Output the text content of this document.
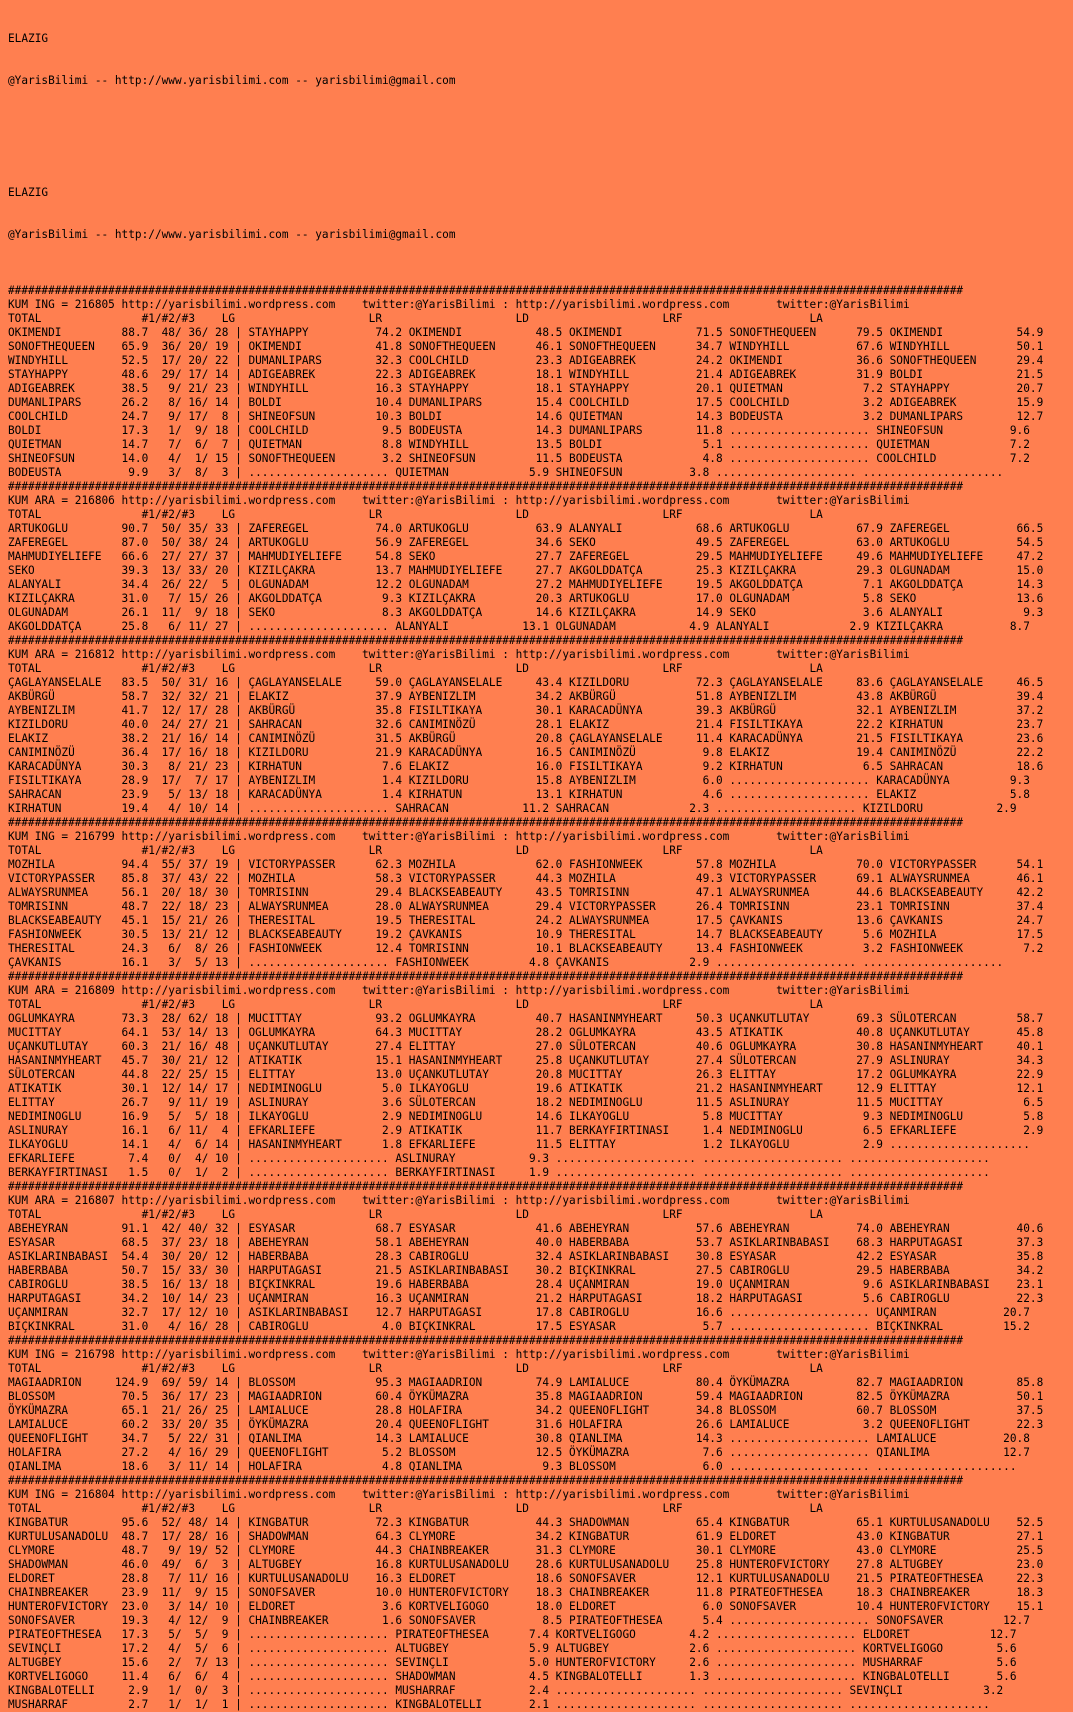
ELAZIG

@YarisBilimi -- http://www.yarisbilimi.com -- yarisbilimi@gmail.com

ELAZIG

@YarisBilimi -- http://www.yarisbilimi.com -- yarisbilimi@gmail.com

###############################################################################################################################################
KUM ING = 216805 http://yarisbilimi.wordpress.com    twitter:@YarisBilimi : http://yarisbilimi.wordpress.com       twitter:@YarisBilimi
TOTAL               #1/#2/#3    LG                    LR                    LD                    LRF                   LA
OKIMENDI         88.7  48/ 36/ 28 | STAYHAPPY          74.2 OKIMENDI           48.5 OKIMENDI           71.5 SONOFTHEQUEEN      79.5 OKIMENDI           54.9
SONOFTHEQUEEN    65.9  36/ 20/ 19 | OKIMENDI           41.8 SONOFTHEQUEEN      46.1 SONOFTHEQUEEN      34.7 WINDYHILL          67.6 WINDYHILL          50.1
WINDYHILL        52.5  17/ 20/ 22 | DUMANLIPARS        32.3 COOLCHILD          23.3 ADIGEABREK         24.2 OKIMENDI           36.6 SONOFTHEQUEEN      29.4
STAYHAPPY        48.6  29/ 17/ 14 | ADIGEABREK         22.3 ADIGEABREK         18.1 WINDYHILL          21.4 ADIGEABREK         31.9 BOLDI              21.5
ADIGEABREK       38.5   9/ 21/ 23 | WINDYHILL          16.3 STAYHAPPY          18.1 STAYHAPPY          20.1 QUIETMAN            7.2 STAYHAPPY          20.7
DUMANLIPARS      26.2   8/ 16/ 14 | BOLDI              10.4 DUMANLIPARS        15.4 COOLCHILD          17.5 COOLCHILD           3.2 ADIGEABREK         15.9
COOLCHILD        24.7   9/ 17/  8 | SHINEOFSUN         10.3 BOLDI              14.6 QUIETMAN           14.3 BODEUSTA            3.2 DUMANLIPARS        12.7
BOLDI            17.3   1/  9/ 18 | COOLCHILD           9.5 BODEUSTA           14.3 DUMANLIPARS        11.8 ..................... SHINEOFSUN          9.6
QUIETMAN         14.7   7/  6/  7 | QUIETMAN            8.8 WINDYHILL          13.5 BOLDI               5.1 ..................... QUIETMAN            7.2
SHINEOFSUN       14.0   4/  1/ 15 | SONOFTHEQUEEN       3.2 SHINEOFSUN         11.5 BODEUSTA            4.8 ..................... COOLCHILD           7.2
BODEUSTA          9.9   3/  8/  3 | ..................... QUIETMAN            5.9 SHINEOFSUN          3.8 ..................... .....................
###############################################################################################################################################
KUM ARA = 216806 http://yarisbilimi.wordpress.com    twitter:@YarisBilimi : http://yarisbilimi.wordpress.com       twitter:@YarisBilimi
TOTAL               #1/#2/#3    LG                    LR                    LD                    LRF                   LA
ARTUKOGLU        90.7  50/ 35/ 33 | ZAFEREGEL          74.0 ARTUKOGLU          63.9 ALANYALI           68.6 ARTUKOGLU          67.9 ZAFEREGEL          66.5
ZAFEREGEL        87.0  50/ 38/ 24 | ARTUKOGLU          56.9 ZAFEREGEL          34.6 SEKO               49.5 ZAFEREGEL          63.0 ARTUKOGLU          54.5
MAHMUDIYELIEFE   66.6  27/ 27/ 37 | MAHMUDIYELIEFE     54.8 SEKO               27.7 ZAFEREGEL          29.5 MAHMUDIYELIEFE     49.6 MAHMUDIYELIEFE     47.2
SEKO             39.3  13/ 33/ 20 | KIZILÇAKRA         13.7 MAHMUDIYELIEFE     27.7 AKGOLDDATÇA        25.3 KIZILÇAKRA         29.3 OLGUNADAM          15.0
ALANYALI         34.4  26/ 22/  5 | OLGUNADAM          12.2 OLGUNADAM          27.2 MAHMUDIYELIEFE     19.5 AKGOLDDATÇA         7.1 AKGOLDDATÇA        14.3
KIZILÇAKRA       31.0   7/ 15/ 26 | AKGOLDDATÇA         9.3 KIZILÇAKRA         20.3 ARTUKOGLU          17.0 OLGUNADAM           5.8 SEKO               13.6
OLGUNADAM        26.1  11/  9/ 18 | SEKO                8.3 AKGOLDDATÇA        14.6 KIZILÇAKRA         14.9 SEKO                3.6 ALANYALI            9.3
AKGOLDDATÇA      25.8   6/ 11/ 27 | ..................... ALANYALI           13.1 OLGUNADAM           4.9 ALANYALI            2.9 KIZILÇAKRA          8.7
###############################################################################################################################################
KUM ARA = 216812 http://yarisbilimi.wordpress.com    twitter:@YarisBilimi : http://yarisbilimi.wordpress.com       twitter:@YarisBilimi
TOTAL               #1/#2/#3    LG                    LR                    LD                    LRF                   LA
ÇAGLAYANSELALE   83.5  50/ 31/ 16 | ÇAGLAYANSELALE     59.0 ÇAGLAYANSELALE     43.4 KIZILDORU          72.3 ÇAGLAYANSELALE     83.6 ÇAGLAYANSELALE     46.5
AKBÜRGÜ          58.7  32/ 32/ 21 | ELAKIZ             37.9 AYBENIZLIM         34.2 AKBÜRGÜ            51.8 AYBENIZLIM         43.8 AKBÜRGÜ            39.4
AYBENIZLIM       41.7  12/ 17/ 28 | AKBÜRGÜ            35.8 FISILTIKAYA        30.1 KARACADÜNYA        39.3 AKBÜRGÜ            32.1 AYBENIZLIM         37.2
KIZILDORU        40.0  24/ 27/ 21 | SAHRACAN           32.6 CANIMINÖZÜ         28.1 ELAKIZ             21.4 FISILTIKAYA        22.2 KIRHATUN           23.7
ELAKIZ           38.2  21/ 16/ 14 | CANIMINÖZÜ         31.5 AKBÜRGÜ            20.8 ÇAGLAYANSELALE     11.4 KARACADÜNYA        21.5 FISILTIKAYA        23.6
CANIMINÖZÜ       36.4  17/ 16/ 18 | KIZILDORU          21.9 KARACADÜNYA        16.5 CANIMINÖZÜ          9.8 ELAKIZ             19.4 CANIMINÖZÜ         22.2
KARACADÜNYA      30.3   8/ 21/ 23 | KIRHATUN            7.6 ELAKIZ             16.0 FISILTIKAYA         9.2 KIRHATUN            6.5 SAHRACAN           18.6
FISILTIKAYA      28.9  17/  7/ 17 | AYBENIZLIM          1.4 KIZILDORU          15.8 AYBENIZLIM          6.0 ..................... KARACADÜNYA         9.3
SAHRACAN         23.9   5/ 13/ 18 | KARACADÜNYA         1.4 KIRHATUN           13.1 KIRHATUN            4.6 ..................... ELAKIZ              5.8
KIRHATUN         19.4   4/ 10/ 14 | ..................... SAHRACAN           11.2 SAHRACAN            2.3 ..................... KIZILDORU           2.9
###############################################################################################################################################
KUM ING = 216799 http://yarisbilimi.wordpress.com    twitter:@YarisBilimi : http://yarisbilimi.wordpress.com       twitter:@YarisBilimi
TOTAL               #1/#2/#3    LG                    LR                    LD                    LRF                   LA
MOZHILA          94.4  55/ 37/ 19 | VICTORYPASSER      62.3 MOZHILA            62.0 FASHIONWEEK        57.8 MOZHILA            70.0 VICTORYPASSER      54.1
VICTORYPASSER    85.8  37/ 43/ 22 | MOZHILA            58.3 VICTORYPASSER      44.3 MOZHILA            49.3 VICTORYPASSER      69.1 ALWAYSRUNMEA       46.1
ALWAYSRUNMEA     56.1  20/ 18/ 30 | TOMRISINN          29.4 BLACKSEABEAUTY     43.5 TOMRISINN          47.1 ALWAYSRUNMEA       44.6 BLACKSEABEAUTY     42.2
TOMRISINN        48.7  22/ 18/ 23 | ALWAYSRUNMEA       28.0 ALWAYSRUNMEA       29.4 VICTORYPASSER      26.4 TOMRISINN          23.1 TOMRISINN          37.4
BLACKSEABEAUTY   45.1  15/ 21/ 26 | THERESITAL         19.5 THERESITAL         24.2 ALWAYSRUNMEA       17.5 ÇAVKANIS           13.6 ÇAVKANIS           24.7
FASHIONWEEK      30.5  13/ 21/ 12 | BLACKSEABEAUTY     19.2 ÇAVKANIS           10.9 THERESITAL         14.7 BLACKSEABEAUTY      5.6 MOZHILA            17.5
THERESITAL       24.3   6/  8/ 26 | FASHIONWEEK        12.4 TOMRISINN          10.1 BLACKSEABEAUTY     13.4 FASHIONWEEK         3.2 FASHIONWEEK         7.2
ÇAVKANIS         16.1   3/  5/ 13 | ..................... FASHIONWEEK         4.8 ÇAVKANIS            2.9 ..................... .....................
###############################################################################################################################################
KUM ARA = 216809 http://yarisbilimi.wordpress.com    twitter:@YarisBilimi : http://yarisbilimi.wordpress.com       twitter:@YarisBilimi
TOTAL               #1/#2/#3    LG                    LR                    LD                    LRF                   LA
OGLUMKAYRA       73.3  28/ 62/ 18 | MUCITTAY           93.2 OGLUMKAYRA         40.7 HASANINMYHEART     50.3 UÇANKUTLUTAY       69.3 SÜLOTERCAN         58.7
MUCITTAY         64.1  53/ 14/ 13 | OGLUMKAYRA         64.3 MUCITTAY           28.2 OGLUMKAYRA         43.5 ATIKATIK           40.8 UÇANKUTLUTAY       45.8
UÇANKUTLUTAY     60.3  21/ 16/ 48 | UÇANKUTLUTAY       27.4 ELITTAY            27.0 SÜLOTERCAN         40.6 OGLUMKAYRA         30.8 HASANINMYHEART     40.1
HASANINMYHEART   45.7  30/ 21/ 12 | ATIKATIK           15.1 HASANINMYHEART     25.8 UÇANKUTLUTAY       27.4 SÜLOTERCAN         27.9 ASLINURAY          34.3
SÜLOTERCAN       44.8  22/ 25/ 15 | ELITTAY            13.0 UÇANKUTLUTAY       20.8 MUCITTAY           26.3 ELITTAY            17.2 OGLUMKAYRA         22.9
ATIKATIK         30.1  12/ 14/ 17 | NEDIMINOGLU         5.0 ILKAYOGLU          19.6 ATIKATIK           21.2 HASANINMYHEART     12.9 ELITTAY            12.1
ELITTAY          26.7   9/ 11/ 19 | ASLINURAY           3.6 SÜLOTERCAN         18.2 NEDIMINOGLU        11.5 ASLINURAY          11.5 MUCITTAY            6.5
NEDIMINOGLU      16.9   5/  5/ 18 | ILKAYOGLU           2.9 NEDIMINOGLU        14.6 ILKAYOGLU           5.8 MUCITTAY            9.3 NEDIMINOGLU         5.8
ASLINURAY        16.1   6/ 11/  4 | EFKARLIEFE          2.9 ATIKATIK           11.7 BERKAYFIRTINASI     1.4 NEDIMINOGLU         6.5 EFKARLIEFE          2.9
ILKAYOGLU        14.1   4/  6/ 14 | HASANINMYHEART      1.8 EFKARLIEFE         11.5 ELITTAY             1.2 ILKAYOGLU           2.9 .....................
EFKARLIEFE        7.4   0/  4/ 10 | ..................... ASLINURAY           9.3 ..................... ..................... .....................
BERKAYFIRTINASI   1.5   0/  1/  2 | ..................... BERKAYFIRTINASI     1.9 ..................... ..................... .....................
###############################################################################################################################################
KUM ARA = 216807 http://yarisbilimi.wordpress.com    twitter:@YarisBilimi : http://yarisbilimi.wordpress.com       twitter:@YarisBilimi
TOTAL               #1/#2/#3    LG                    LR                    LD                    LRF                   LA
ABEHEYRAN        91.1  42/ 40/ 32 | ESYASAR            68.7 ESYASAR            41.6 ABEHEYRAN          57.6 ABEHEYRAN          74.0 ABEHEYRAN          40.6
ESYASAR          68.5  37/ 23/ 18 | ABEHEYRAN          58.1 ABEHEYRAN          40.0 HABERBABA          53.7 ASIKLARINBABASI    68.3 HARPUTAGASI        37.3
ASIKLARINBABASI  54.4  30/ 20/ 12 | HABERBABA          28.3 CABIROGLU          32.4 ASIKLARINBABASI    30.8 ESYASAR            42.2 ESYASAR            35.8
HABERBABA        50.7  15/ 33/ 30 | HARPUTAGASI        21.5 ASIKLARINBABASI    30.2 BIÇKINKRAL         27.5 CABIROGLU          29.5 HABERBABA          34.2
CABIROGLU        38.5  16/ 13/ 18 | BIÇKINKRAL         19.6 HABERBABA          28.4 UÇANMIRAN          19.0 UÇANMIRAN           9.6 ASIKLARINBABASI    23.1
HARPUTAGASI      34.2  10/ 14/ 23 | UÇANMIRAN          16.3 UÇANMIRAN          21.2 HARPUTAGASI        18.2 HARPUTAGASI         5.6 CABIROGLU          22.3
UÇANMIRAN        32.7  17/ 12/ 10 | ASIKLARINBABASI    12.7 HARPUTAGASI        17.8 CABIROGLU          16.6 ..................... UÇANMIRAN          20.7
BIÇKINKRAL       31.0   4/ 16/ 28 | CABIROGLU           4.0 BIÇKINKRAL         17.5 ESYASAR             5.7 ..................... BIÇKINKRAL         15.2
###############################################################################################################################################
KUM ING = 216798 http://yarisbilimi.wordpress.com    twitter:@YarisBilimi : http://yarisbilimi.wordpress.com       twitter:@YarisBilimi
TOTAL               #1/#2/#3    LG                    LR                    LD                    LRF                   LA
MAGIAADRION     124.9  69/ 59/ 14 | BLOSSOM            95.3 MAGIAADRION        74.9 LAMIALUCE          80.4 ÖYKÜMAZRA          82.7 MAGIAADRION        85.8
BLOSSOM          70.5  36/ 17/ 23 | MAGIAADRION        60.4 ÖYKÜMAZRA          35.8 MAGIAADRION        59.4 MAGIAADRION        82.5 ÖYKÜMAZRA          50.1
ÖYKÜMAZRA        65.1  21/ 26/ 25 | LAMIALUCE          28.8 HOLAFIRA           34.2 QUEENOFLIGHT       34.8 BLOSSOM            60.7 BLOSSOM            37.5
LAMIALUCE        60.2  33/ 20/ 35 | ÖYKÜMAZRA          20.4 QUEENOFLIGHT       31.6 HOLAFIRA           26.6 LAMIALUCE           3.2 QUEENOFLIGHT       22.3
QUEENOFLIGHT     34.7   5/ 22/ 31 | QIANLIMA           14.3 LAMIALUCE          30.8 QIANLIMA           14.3 ..................... LAMIALUCE          20.8
HOLAFIRA         27.2   4/ 16/ 29 | QUEENOFLIGHT        5.2 BLOSSOM            12.5 ÖYKÜMAZRA           7.6 ..................... QIANLIMA           12.7
QIANLIMA         18.6   3/ 11/ 14 | HOLAFIRA            4.8 QIANLIMA            9.3 BLOSSOM             6.0 ..................... .....................
###############################################################################################################################################
KUM ING = 216804 http://yarisbilimi.wordpress.com    twitter:@YarisBilimi : http://yarisbilimi.wordpress.com       twitter:@YarisBilimi
TOTAL               #1/#2/#3    LG                    LR                    LD                    LRF                   LA
KINGBATUR        95.6  52/ 48/ 14 | KINGBATUR          72.3 KINGBATUR          44.3 SHADOWMAN          65.4 KINGBATUR          65.1 KURTULUSANADOLU    52.5
KURTULUSANADOLU  48.7  17/ 28/ 16 | SHADOWMAN          64.3 CLYMORE            34.2 KINGBATUR          61.9 ELDORET            43.0 KINGBATUR          27.1
CLYMORE          48.7   9/ 19/ 52 | CLYMORE            44.3 CHAINBREAKER       31.3 CLYMORE            30.1 CLYMORE            43.0 CLYMORE            25.5
SHADOWMAN        46.0  49/  6/  3 | ALTUGBEY           16.8 KURTULUSANADOLU    28.6 KURTULUSANADOLU    25.8 HUNTEROFVICTORY    27.8 ALTUGBEY           23.0
ELDORET          28.8   7/ 11/ 16 | KURTULUSANADOLU    16.3 ELDORET            18.6 SONOFSAVER         12.1 KURTULUSANADOLU    21.5 PIRATEOFTHESEA     22.3
CHAINBREAKER     23.9  11/  9/ 15 | SONOFSAVER         10.0 HUNTEROFVICTORY    18.3 CHAINBREAKER       11.8 PIRATEOFTHESEA     18.3 CHAINBREAKER       18.3
HUNTEROFVICTORY  23.0   3/ 14/ 10 | ELDORET             3.6 KORTVELIGOGO       18.0 ELDORET             6.0 SONOFSAVER         10.4 HUNTEROFVICTORY    15.1
SONOFSAVER       19.3   4/ 12/  9 | CHAINBREAKER        1.6 SONOFSAVER          8.5 PIRATEOFTHESEA      5.4 ..................... SONOFSAVER         12.7
PIRATEOFTHESEA   17.3   5/  5/  9 | ..................... PIRATEOFTHESEA      7.4 KORTVELIGOGO        4.2 ..................... ELDORET            12.7
SEVINÇLI         17.2   4/  5/  6 | ..................... ALTUGBEY            5.9 ALTUGBEY            2.6 ..................... KORTVELIGOGO        5.6
ALTUGBEY         15.6   2/  7/ 13 | ..................... SEVINÇLI            5.0 HUNTEROFVICTORY     2.6 ..................... MUSHARRAF           5.6
KORTVELIGOGO     11.4   6/  6/  4 | ..................... SHADOWMAN           4.5 KINGBALOTELLI       1.3 ..................... KINGBALOTELLI       5.6
KINGBALOTELLI     2.9   1/  0/  3 | ..................... MUSHARRAF           2.4 ..................... ..................... SEVINÇLI            3.2
MUSHARRAF         2.7   1/  1/  1 | ..................... KINGBALOTELLI       2.1 ..................... ..................... .....................
